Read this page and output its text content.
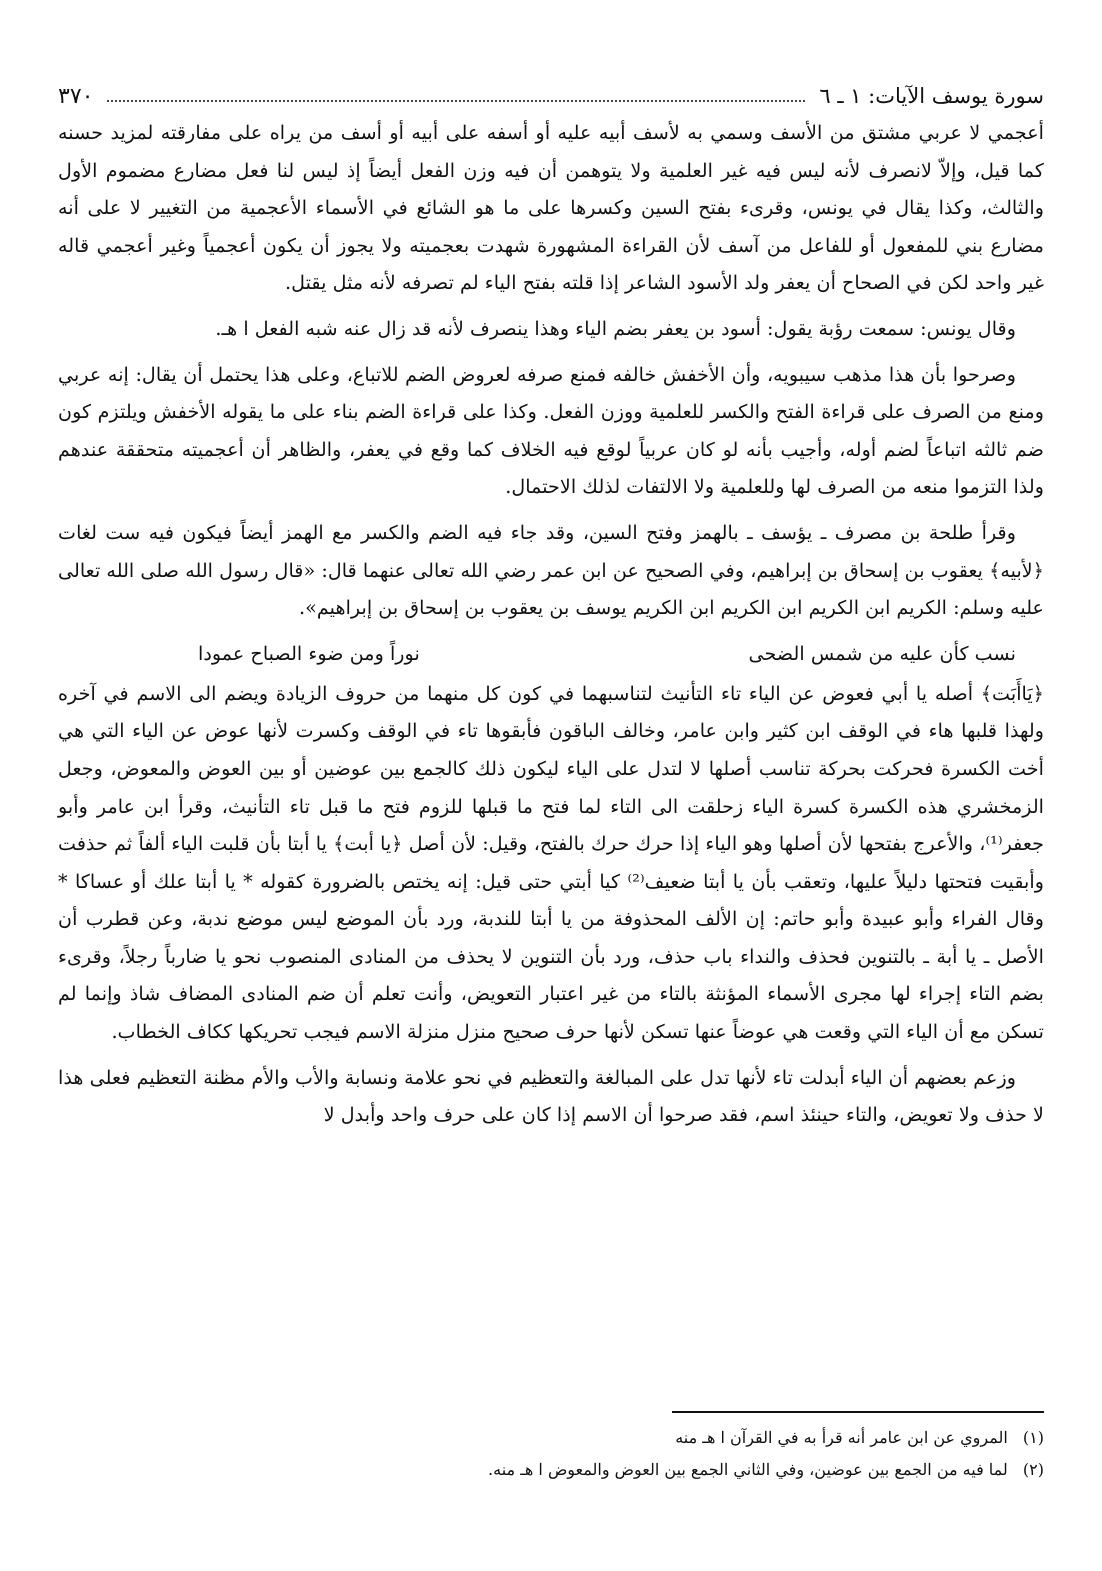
سورة يوسف الآيات: ١ ـ ٦
٣٧٠

أعجمي لا عربي مشتق من الأسف وسمي به لأسف أبيه عليه أو أسفه على أبيه أو أسف من يراه على مفارقته لمزيد حسنه كما قيل، وإلاّ لانصرف لأنه ليس فيه غير العلمية ولا يتوهمن أن فيه وزن الفعل أيضاً إذ ليس لنا فعل مضارع مضموم الأول والثالث، وكذا يقال في يونس، وقرىء بفتح السين وكسرها على ما هو الشائع في الأسماء الأعجمية من التغيير لا على أنه مضارع بني للمفعول أو للفاعل من آسف لأن القراءة المشهورة شهدت بعجميته ولا يجوز أن يكون أعجمياً وغير أعجمي قاله غير واحد لكن في الصحاح أن يعفر ولد الأسود الشاعر إذا قلته بفتح الياء لم تصرفه لأنه مثل يقتل.

وقال يونس: سمعت رؤبة يقول: أسود بن يعفر بضم الياء وهذا ينصرف لأنه قد زال عنه شبه الفعل ا هـ.

وصرحوا بأن هذا مذهب سيبويه، وأن الأخفش خالفه فمنع صرفه لعروض الضم للاتباع، وعلى هذا يحتمل أن يقال: إنه عربي ومنع من الصرف على قراءة الفتح والكسر للعلمية ووزن الفعل. وكذا على قراءة الضم بناء على ما يقوله الأخفش ويلتزم كون ضم ثالثه اتباعاً لضم أوله، وأجيب بأنه لو كان عربياً لوقع فيه الخلاف كما وقع في يعفر، والظاهر أن أعجميته متحققة عندهم ولذا التزموا منعه من الصرف لها وللعلمية ولا الالتفات لذلك الاحتمال.

وقرأ طلحة بن مصرف ـ يؤسف ـ بالهمز وفتح السين، وقد جاء فيه الضم والكسر مع الهمز أيضاً فيكون فيه ست لغات ﴿لأبيه﴾ يعقوب بن إسحاق بن إبراهيم، وفي الصحيح عن ابن عمر رضي الله تعالى عنهما قال: «قال رسول الله صلى الله تعالى عليه وسلم: الكريم ابن الكريم ابن الكريم ابن الكريم يوسف بن يعقوب بن إسحاق بن إبراهيم».

نسب كأن عليه من شمس الضحى
نوراً ومن ضوء الصباح عمودا

﴿يَاأَبَت﴾ أصله يا أبي فعوض عن الياء تاء التأنيث لتناسبهما في كون كل منهما من حروف الزيادة ويضم الى الاسم في آخره ولهذا قلبها هاء في الوقف ابن كثير وابن عامر، وخالف الباقون فأبقوها تاء في الوقف وكسرت لأنها عوض عن الياء التي هي أخت الكسرة فحركت بحركة تناسب أصلها لا لتدل على الياء ليكون ذلك كالجمع بين عوضين أو بين العوض والمعوض، وجعل الزمخشري هذه الكسرة كسرة الياء زحلقت الى التاء لما فتح ما قبلها للزوم فتح ما قبل تاء التأنيث، وقرأ ابن عامر وأبو جعفر⁽¹⁾، والأعرج بفتحها لأن أصلها وهو الياء إذا حرك حرك بالفتح، وقيل: لأن أصل ﴿يا أبت﴾ يا أبتا بأن قلبت الياء ألفاً ثم حذفت وأبقيت فتحتها دليلاً عليها، وتعقب بأن يا أبتا ضعيف⁽²⁾ كيا أبتي حتى قيل: إنه يختص بالضرورة كقوله * يا أبتا علك أو عساكا * وقال الفراء وأبو عبيدة وأبو حاتم: إن الألف المحذوفة من يا أبتا للندبة، ورد بأن الموضع ليس موضع ندبة، وعن قطرب أن الأصل ـ يا أبة ـ بالتنوين فحذف والنداء باب حذف، ورد بأن التنوين لا يحذف من المنادى المنصوب نحو يا ضارباً رجلاً، وقرىء بضم التاء إجراء لها مجرى الأسماء المؤنثة بالتاء من غير اعتبار التعويض، وأنت تعلم أن ضم المنادى المضاف شاذ وإنما لم تسكن مع أن الياء التي وقعت هي عوضاً عنها تسكن لأنها حرف صحيح منزل منزلة الاسم فيجب تحريكها ككاف الخطاب.

وزعم بعضهم أن الياء أبدلت تاء لأنها تدل على المبالغة والتعظيم في نحو علامة ونسابة والأب والأم مظنة التعظيم فعلى هذا لا حذف ولا تعويض، والتاء حينئذ اسم، فقد صرحوا أن الاسم إذا كان على حرف واحد وأبدل لا

(١) المروي عن ابن عامر أنه قرأ به في القرآن ا هـ منه
(٢) لما فيه من الجمع بين عوضين، وفي الثاني الجمع بين العوض والمعوض ا هـ منه.
